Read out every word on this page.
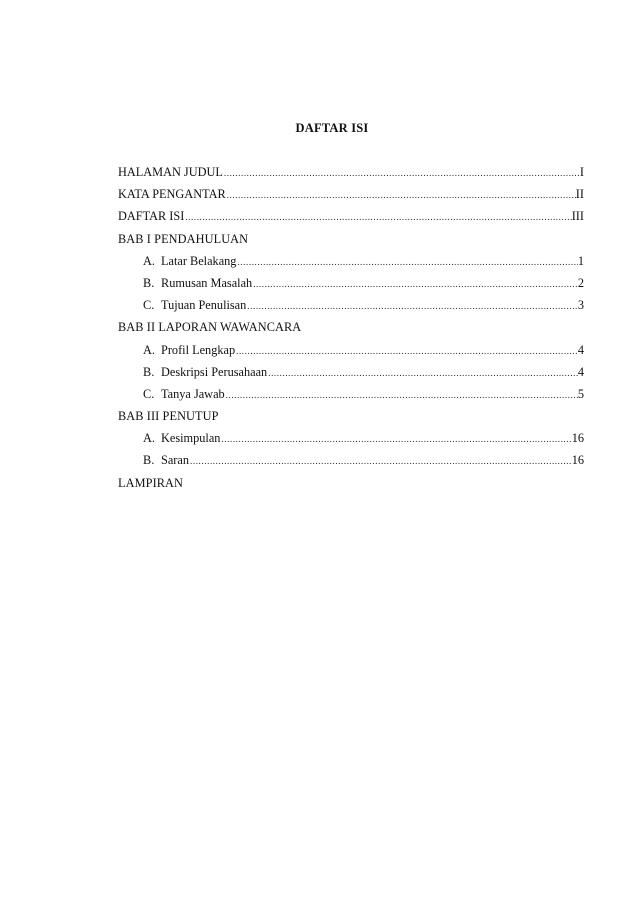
DAFTAR ISI
HALAMAN JUDUL .....	I
KATA PENGANTAR .....	II
DAFTAR ISI .....	III
BAB I PENDAHULUAN
A. Latar Belakang .....	1
B. Rumusan Masalah .....	2
C. Tujuan Penulisan .....	3
BAB II LAPORAN WAWANCARA
A. Profil Lengkap .....	4
B. Deskripsi Perusahaan .....	4
C. Tanya Jawab .....	5
BAB III PENUTUP
A. Kesimpulan .....	16
B. Saran .....	16
LAMPIRAN
